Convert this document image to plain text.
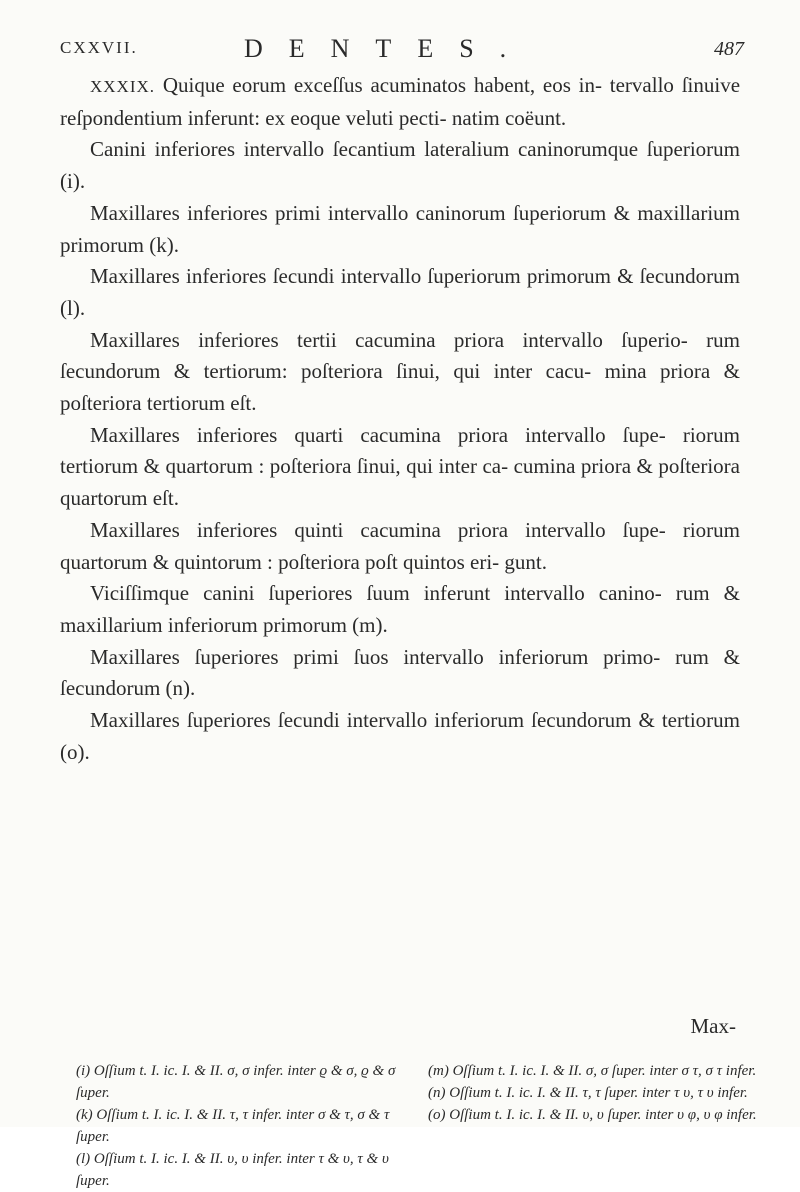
CXXVII.	DENTES.	487

XXXIX. Quique eorum exceſſus acuminatos habent, eos in- tervallo ſinuive reſpondentium inferunt: ex eoque veluti pecti- natim coëunt.

Canini inferiores intervallo ſecantium lateralium caninorumque ſuperiorum (i).

Maxillares inferiores primi intervallo caninorum ſuperiorum & maxillarium primorum (k).

Maxillares inferiores ſecundi intervallo ſuperiorum primorum & ſecundorum (l).

Maxillares inferiores tertii cacumina priora intervallo ſuperio- rum ſecundorum & tertiorum: poſteriora ſinui, qui inter cacu- mina priora & poſteriora tertiorum eſt.

Maxillares inferiores quarti cacumina priora intervallo ſupe- riorum tertiorum & quartorum : poſteriora ſinui, qui inter ca- cumina priora & poſteriora quartorum eſt.

Maxillares inferiores quinti cacumina priora intervallo ſupe- riorum quartorum & quintorum : poſteriora poſt quintos eri- gunt.

Viciſſimque canini ſuperiores ſuum inferunt intervallo canino- rum & maxillarium inferiorum primorum (m).

Maxillares ſuperiores primi ſuos intervallo inferiorum primo- rum & ſecundorum (n).

Maxillares ſuperiores ſecundi intervallo inferiorum ſecundorum & tertiorum (o).

Max-

(i) Oſſium t. I. ic. I. & II. σ, σ infer. inter ϱ & σ, ϱ & σ ſuper.

(k) Oſſium t. I. ic. I. & II. τ, τ infer. inter σ & τ, σ & τ ſuper.

(l) Oſſium t. I. ic. I. & II. υ, υ infer. inter τ & υ, τ & υ ſuper.

(m) Oſſium t. I. ic. I. & II. σ, σ ſuper. inter σ τ, σ τ infer.

(n) Oſſium t. I. ic. I. & II. τ, τ ſuper. inter τ υ, τ υ infer.

(o) Oſſium t. I. ic. I. & II. υ, υ ſuper. inter υ φ, υ φ infer.
